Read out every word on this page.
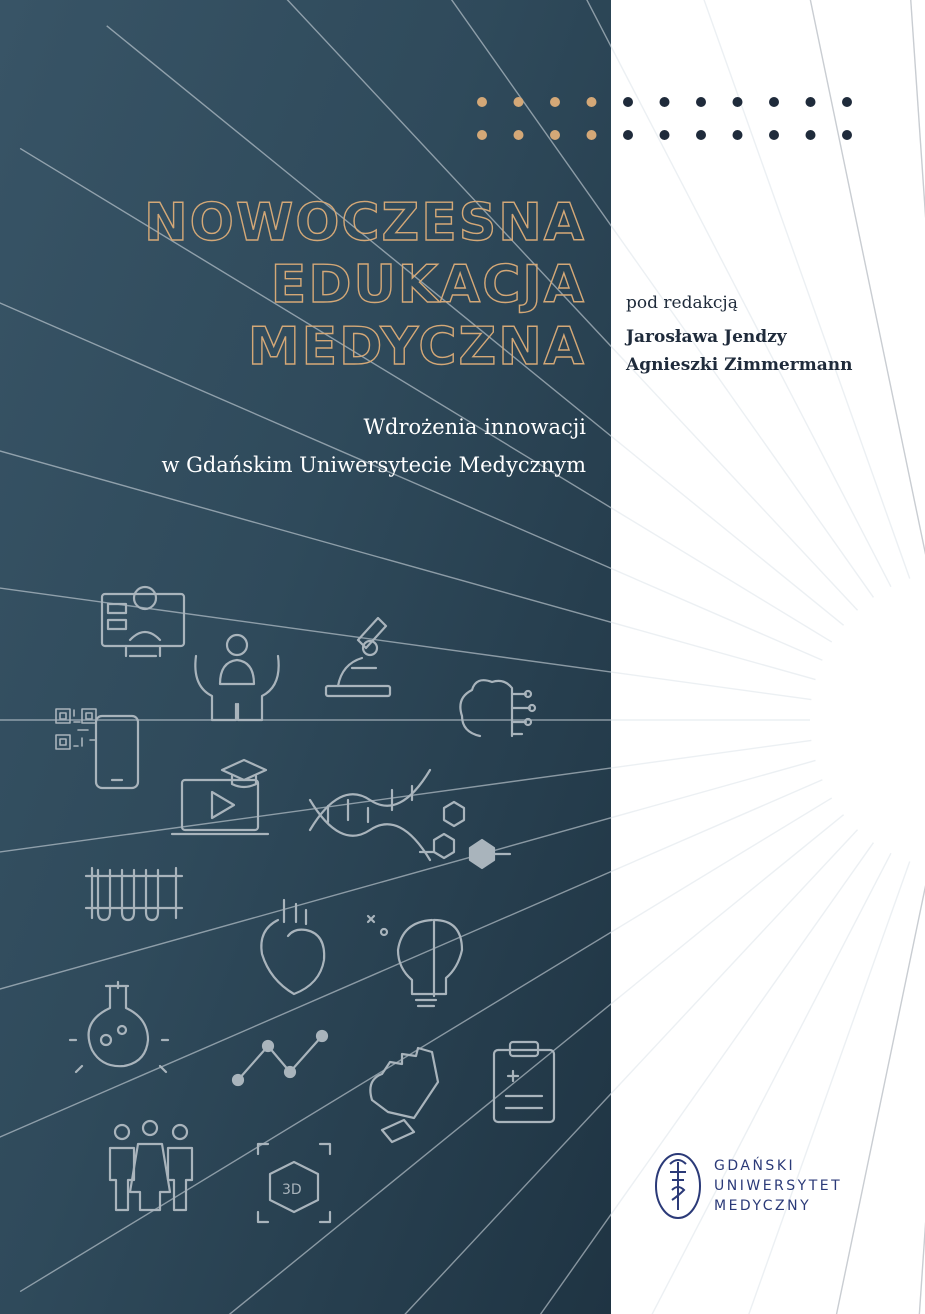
NOWOCZESNA
EDUKACJA
MEDYCZNA
Wdrożenia innowacji
w Gdańskim Uniwersytecie Medycznym
pod redakcją
Jarosława Jendzy
Agnieszki Zimmermann
3D
GDAŃSKI
UNIWERSYTET
MEDYCZNY
